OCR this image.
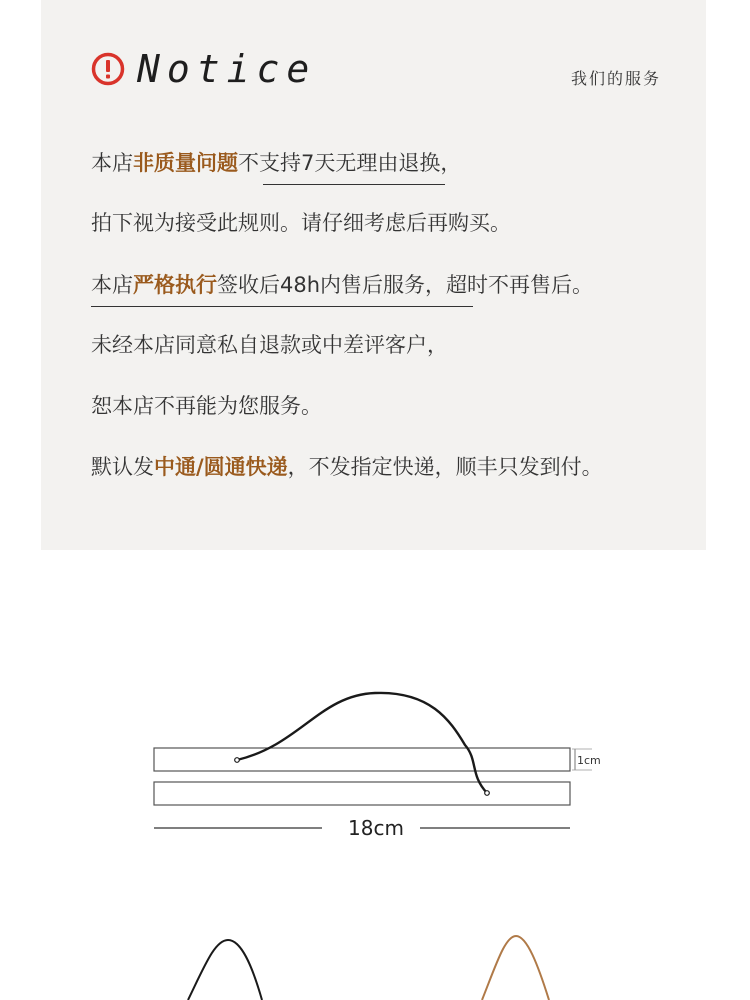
Notice	我们的服务
本店非质量问题不支持7天无理由退换，
拍下视为接受此规则。请仔细考虑后再购买。
本店严格执行签收后48h内售后服务，超时不再售后。
未经本店同意私自退款或中差评客户，
恕本店不再能为您服务。
默认发中通/圆通快递，不发指定快递，顺丰只发到付。
1cm
18cm
